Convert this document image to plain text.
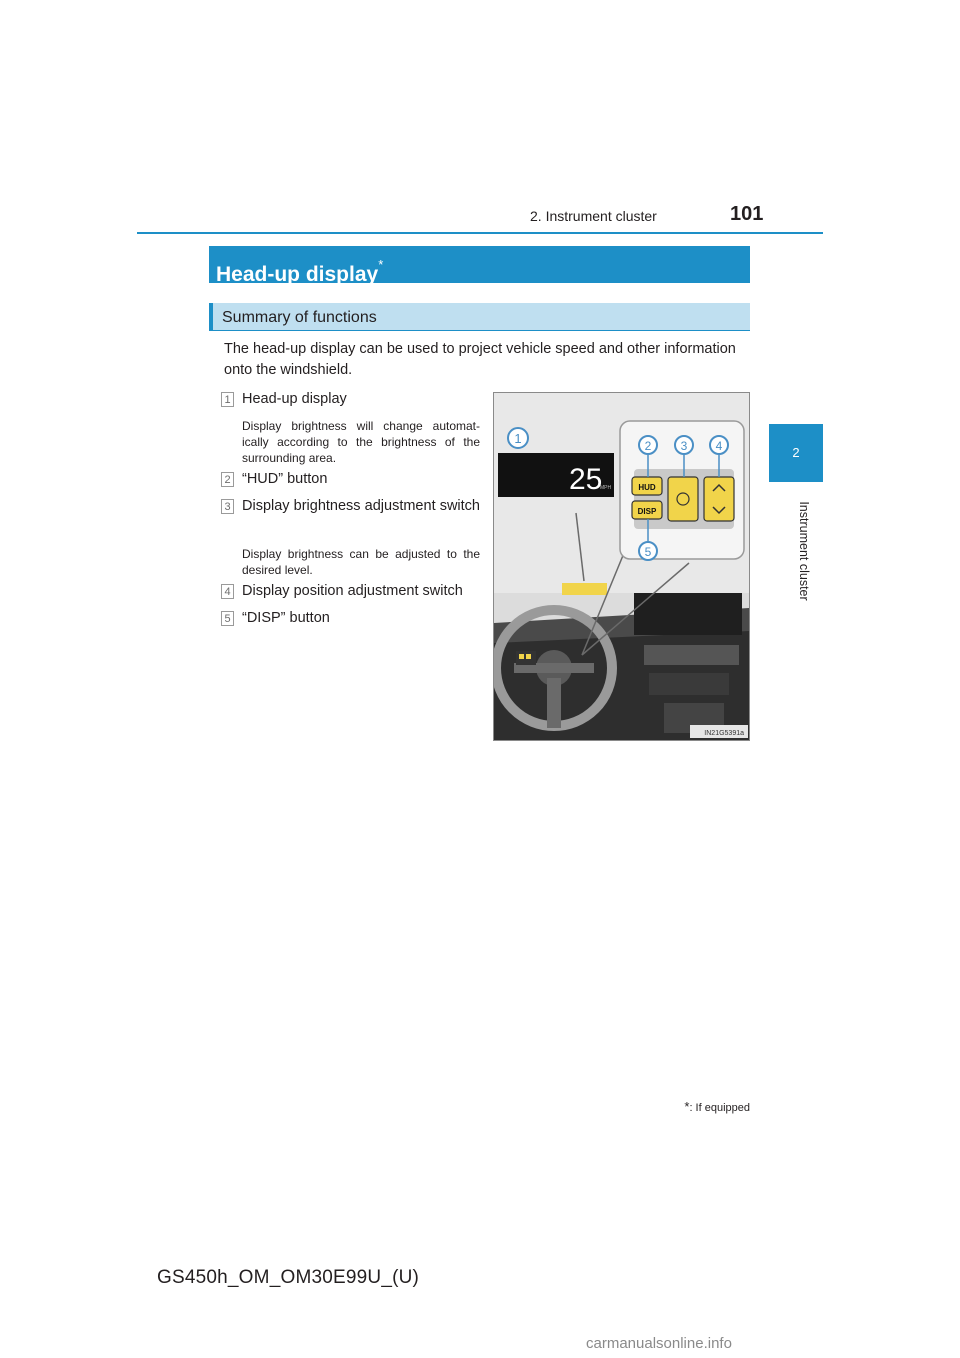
2. Instrument cluster	101
2
Instrument cluster
Head-up display*
Summary of functions
The head-up display can be used to project vehicle speed and other information onto the windshield.
1 Head-up display
Display brightness will change automat-ically according to the brightness of the surrounding area.
2 “HUD” button
3 Display brightness adjustment switch
Display brightness can be adjusted to the desired level.
4 Display position adjustment switch
5 “DISP” button
25
MPH
1
HUD
DISP
2 3 4
5
IN21G5391a
*: If equipped
GS450h_OM_OM30E99U_(U)
carmanualsonline.info
